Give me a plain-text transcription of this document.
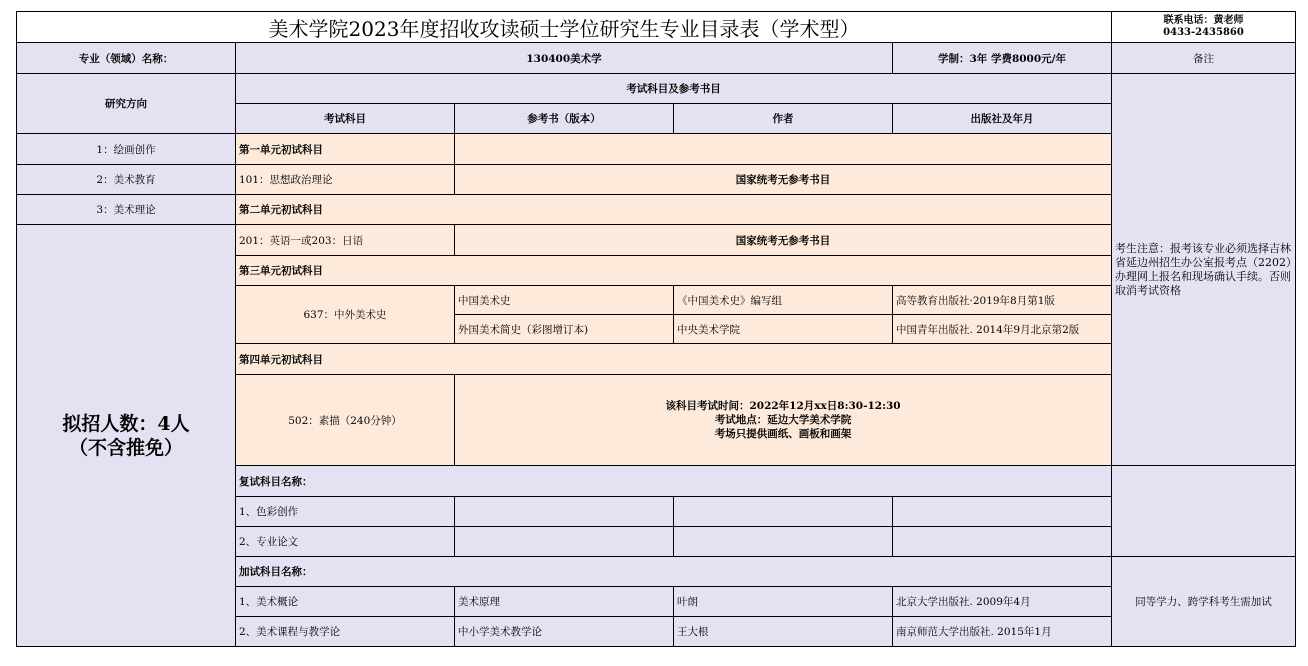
美术学院2023年度招收攻读硕士学位研究生专业目录表（学术型）					联系电话：黄老师
0433-2435860

专业（领域）名称：	130400美术学			学制：3年 学费8000元/年	备注
研究方向	考试科目及参考书目				考生注意：报考该专业必须选择吉林省延边州招生办公室报考点（2202）办理网上报名和现场确认手续。否则取消考试资格
	考试科目	参考书（版本）	作者	出版社及年月	
1：绘画创作	第一单元初试科目				
2：美术教育	101：思想政治理论	国家统考无参考书目			
3：美术理论	第二单元初试科目				

拟招人数：4人
（不含推免）	201：英语一或203：日语	国家统考无参考书目			
	第三单元初试科目				
	637：中外美术史	中国美术史	《中国美术史》编写组	高等教育出版社·2019年8月第1版	
		外国美术简史（彩图增订本)	中央美术学院	中国青年出版社. 2014年9月北京第2版	
	第四单元初试科目				
	502：素描（240分钟）	该科目考试时间：2022年12月xx日8:30-12:30
考试地点：延边大学美术学院
考场只提供画纸、画板和画架			

	复试科目名称：				
	1、色彩创作				
	2、专业论文				
	加试科目名称：				同等学力、跨学科考生需加试
	1、美术概论	美术原理	叶朗	北京大学出版社. 2009年4月	
	2、美术课程与教学论	中小学美术教学论	王大根	南京师范大学出版社. 2015年1月	
